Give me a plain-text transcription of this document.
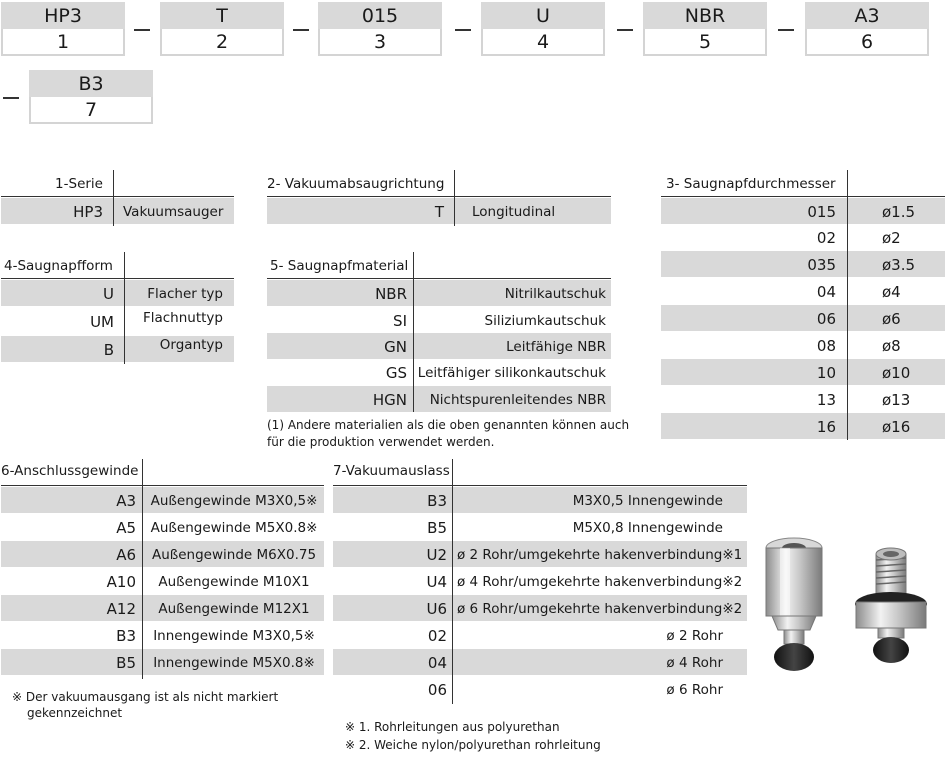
HP3
1
T
2
015
3
U
4
NBR
5
A3
6
B3
7
1-Serie
HP3 Vakuumsauger
2- Vakuumabsaugrichtung
T Longitudinal
3- Saugnapfdurchmesser
015	ø1.5
02	ø2
035	ø3.5
04	ø4
06	ø6
08	ø8
10	ø10
13	ø13
16	ø16
4-Saugnapfform
U	Flacher typ
UM	Flachnuttyp
B	Organtyp
5- Saugnapfmaterial
NBR	Nitrilkautschuk
SI	Siliziumkautschuk
GN	Leitfähige NBR
GS Leitfähiger silikonkautschuk
HGN	Nichtspurenleitendes NBR
(1) Andere materialien als die oben genannten können auch
für die produktion verwendet werden.
6-Anschlussgewinde
A3	Außengewinde M3X0,5※
A5	Außengewinde M5X0.8※
A6	Außengewinde M6X0.75
A10	Außengewinde M10X1
A12	Außengewinde M12X1
B3	Innengewinde M3X0,5※
B5	Innengewinde M5X0.8※
※ Der vakuumausgang ist als nicht markiert
gekennzeichnet
7-Vakuumauslass
B3	M3X0,5 Innengewinde
B5	M5X0,8 Innengewinde
U2 ø 2 Rohr/umgekehrte hakenverbindung※1
U4 ø 4 Rohr/umgekehrte hakenverbindung※2
U6 ø 6 Rohr/umgekehrte hakenverbindung※2
02	ø 2 Rohr
04	ø 4 Rohr
06	ø 6 Rohr
※ 1. Rohrleitungen aus polyurethan
※ 2. Weiche nylon/polyurethan rohrleitung
